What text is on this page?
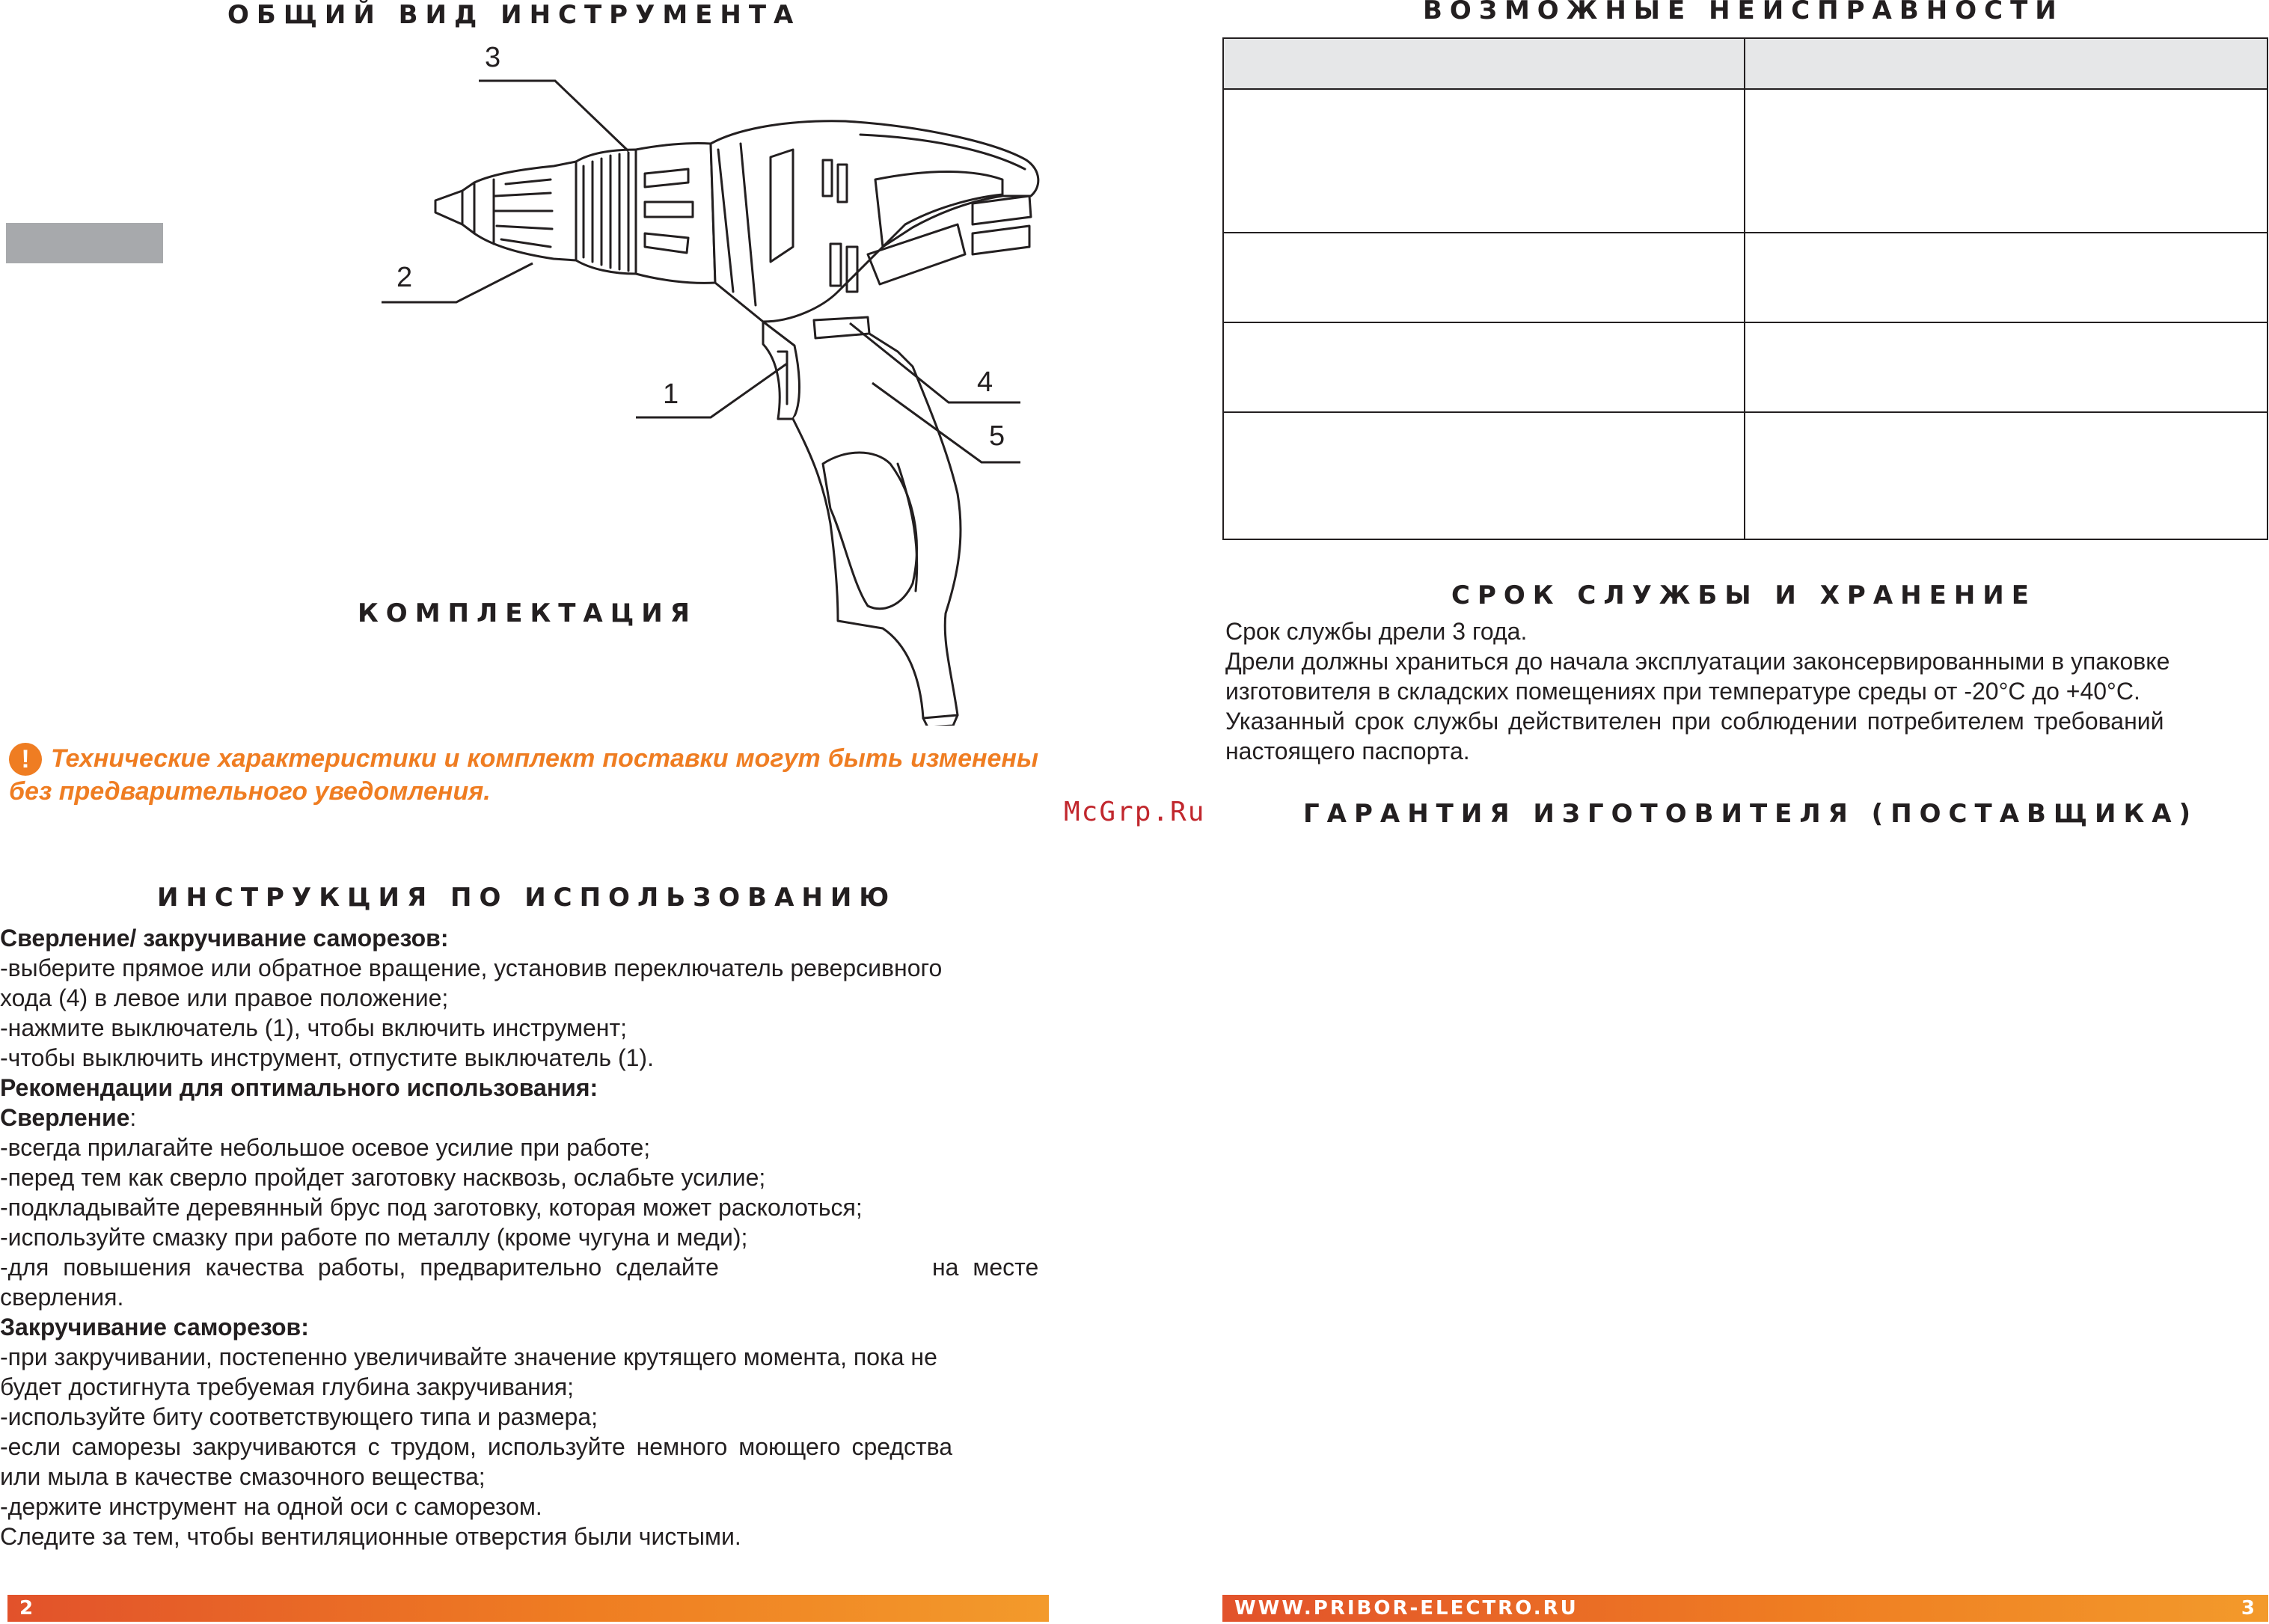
ОБЩИЙ ВИД ИНСТРУМЕНТА
3
2
1	4
5
КОМПЛЕКТАЦИЯ
Технические характеристики и комплект поставки могут быть изменены без предварительного уведомления.
!
McGrp.Ru
ИНСТРУКЦИЯ ПО ИСПОЛЬЗОВАНИЮ
Сверление/ закручивание саморезов:
-выберите прямое или обратное вращение, установив переключатель реверсивного
хода (4) в левое или правое положение;
-нажмите выключатель (1), чтобы включить инструмент;
-чтобы выключить инструмент, отпустите выключатель (1).
Рекомендации для оптимального использования:
Сверление:
-всегда прилагайте небольшое осевое усилие при работе;
-перед тем как сверло пройдет заготовку насквозь, ослабьте усилие;
-подкладывайте деревянный брус под заготовку, которая может расколоться;
-используйте смазку при работе по металлу (кроме чугуна и меди);
-для повышения качества работы, предварительно сделайте	на месте
сверления.
Закручивание саморезов:
-при закручивании, постепенно увеличивайте значение крутящего момента, пока не
будет достигнута требуемая глубина закручивания;
-используйте биту соответствующего типа и размера;
-если саморезы закручиваются с трудом, используйте немного моющего средства
или мыла в качестве смазочного вещества;
-держите инструмент на одной оси с саморезом.
Следите за тем, чтобы вентиляционные отверстия были чистыми.
2
ВОЗМОЖНЫЕ НЕИСПРАВНОСТИ

СРОК СЛУЖБЫ И ХРАНЕНИЕ
Срок службы дрели 3 года.
Дрели должны храниться до начала эксплуатации законсервированными в упаковке
изготовителя в складских помещениях при температуре среды от -20°С до +40°С.
Указанный срок службы действителен при соблюдении потребителем требований
настоящего паспорта.
ГАРАНТИЯ ИЗГОТОВИТЕЛЯ (ПОСТАВЩИКА)
WWW.PRIBOR-ELECTRO.RU	3
